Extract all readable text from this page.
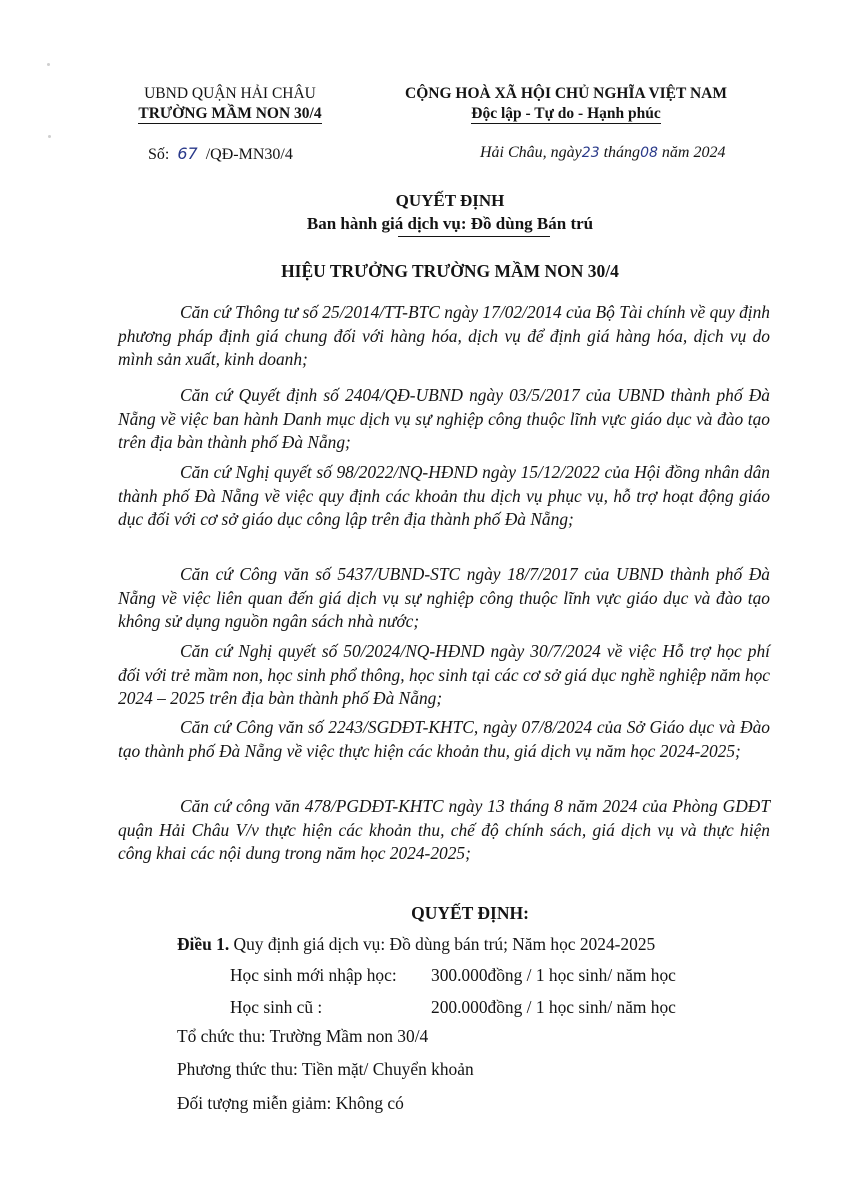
UBND QUẬN HẢI CHÂU
TRƯỜNG MẦM NON 30/4
CỘNG HOÀ XÃ HỘI CHỦ NGHĨA VIỆT NAM
Độc lập - Tự do - Hạnh phúc
Số: 67 /QĐ-MN30/4	Hải Châu, ngày23 tháng08 năm 2024
QUYẾT ĐỊNH
Ban hành giá dịch vụ: Đồ dùng Bán trú
HIỆU TRƯỞNG TRƯỜNG MẦM NON 30/4
Căn cứ Thông tư số 25/2014/TT-BTC ngày 17/02/2014 của Bộ Tài chính về quy định phương pháp định giá chung đối với hàng hóa, dịch vụ để định giá hàng hóa, dịch vụ do mình sản xuất, kinh doanh;
Căn cứ Quyết định số 2404/QĐ-UBND ngày 03/5/2017 của UBND thành phố Đà Nẵng về việc ban hành Danh mục dịch vụ sự nghiệp công thuộc lĩnh vực giáo dục và đào tạo trên địa bàn thành phố Đà Nẵng;
Căn cứ Nghị quyết số 98/2022/NQ-HĐND ngày 15/12/2022 của Hội đồng nhân dân thành phố Đà Nẵng về việc quy định các khoản thu dịch vụ phục vụ, hỗ trợ hoạt động giáo dục đối với cơ sở giáo dục công lập trên địa thành phố Đà Nẵng;
Căn cứ Công văn số 5437/UBND-STC ngày 18/7/2017 của UBND thành phố Đà Nẵng về việc liên quan đến giá dịch vụ sự nghiệp công thuộc lĩnh vực giáo dục và đào tạo không sử dụng nguồn ngân sách nhà nước;
Căn cứ Nghị quyết số 50/2024/NQ-HĐND ngày 30/7/2024 về việc Hỗ trợ học phí đối với trẻ mầm non, học sinh phổ thông, học sinh tại các cơ sở giá dục nghề nghiệp năm học 2024 – 2025 trên địa bàn thành phố Đà Nẵng;
Căn cứ Công văn số 2243/SGDĐT-KHTC, ngày 07/8/2024 của Sở Giáo dục và Đào tạo thành phố Đà Nẵng về việc thực hiện các khoản thu, giá dịch vụ năm học 2024-2025;
Căn cứ công văn 478/PGDĐT-KHTC ngày 13 tháng 8 năm 2024 của Phòng GDĐT quận Hải Châu V/v thực hiện các khoản thu, chế độ chính sách, giá dịch vụ và thực hiện công khai các nội dung trong năm học 2024-2025;
QUYẾT ĐỊNH:
Điều 1. Quy định giá dịch vụ: Đồ dùng bán trú; Năm học 2024-2025
Học sinh mới nhập học: 300.000đồng / 1 học sinh/ năm học
Học sinh cũ :	200.000đồng / 1 học sinh/ năm học
Tổ chức thu: Trường Mầm non 30/4
Phương thức thu: Tiền mặt/ Chuyển khoản
Đối tượng miễn giảm: Không có
